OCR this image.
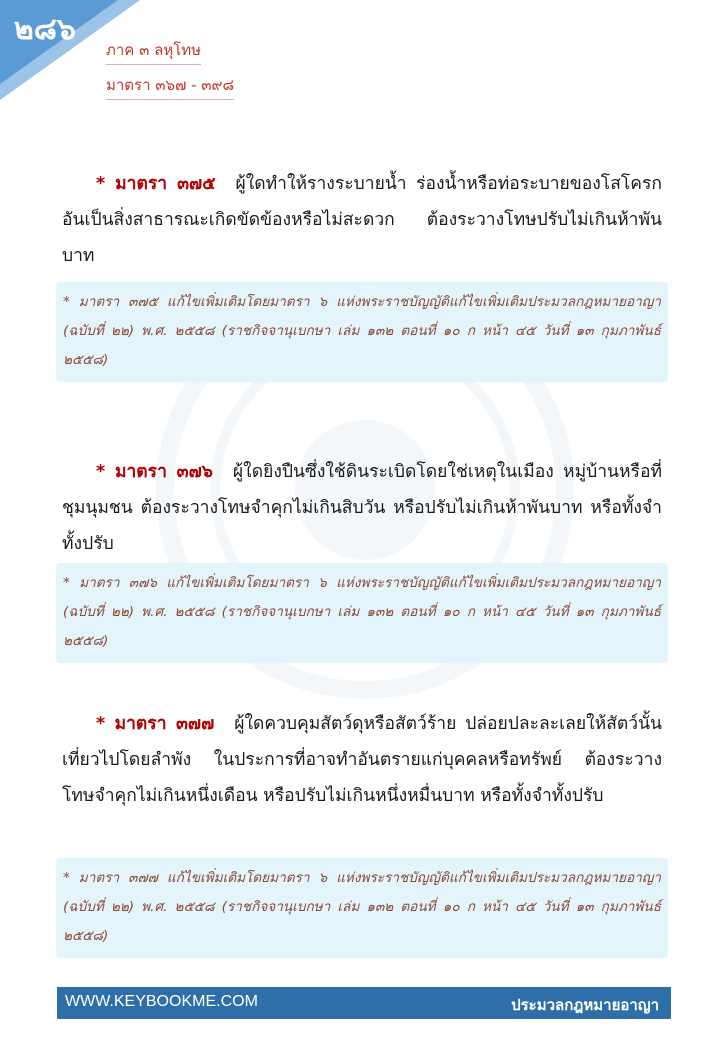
๒๘๖
ภาค ๓ ลหุโทษ
มาตรา ๓๖๗ - ๓๙๘
* มาตรา ๓๗๕ ผู้ใดทำให้รางระบายน้ำ ร่องน้ำหรือท่อระบายของโสโครก อันเป็นสิ่งสาธารณะเกิดขัดข้องหรือไม่สะดวก ต้องระวางโทษปรับไม่เกินห้าพันบาท
* มาตรา ๓๗๕ แก้ไขเพิ่มเติมโดยมาตรา ๖ แห่งพระราชบัญญัติแก้ไขเพิ่มเติมประมวลกฎหมายอาญา (ฉบับที่ ๒๒) พ.ศ. ๒๕๕๘ (ราชกิจจานุเบกษา เล่ม ๑๓๒ ตอนที่ ๑๐ ก หน้า ๔๕ วันที่ ๑๓ กุมภาพันธ์ ๒๕๕๘)
* มาตรา ๓๗๖ ผู้ใดยิงปืนซึ่งใช้ดินระเบิดโดยใช่เหตุในเมือง หมู่บ้านหรือที่ชุมนุมชน ต้องระวางโทษจำคุกไม่เกินสิบวัน หรือปรับไม่เกินห้าพันบาท หรือทั้งจำทั้งปรับ
* มาตรา ๓๗๖ แก้ไขเพิ่มเติมโดยมาตรา ๖ แห่งพระราชบัญญัติแก้ไขเพิ่มเติมประมวลกฎหมายอาญา (ฉบับที่ ๒๒) พ.ศ. ๒๕๕๘ (ราชกิจจานุเบกษา เล่ม ๑๓๒ ตอนที่ ๑๐ ก หน้า ๔๕ วันที่ ๑๓ กุมภาพันธ์ ๒๕๕๘)
* มาตรา ๓๗๗ ผู้ใดควบคุมสัตว์ดุหรือสัตว์ร้าย ปล่อยปละละเลยให้สัตว์นั้นเที่ยวไปโดยลำพัง ในประการที่อาจทำอันตรายแก่บุคคลหรือทรัพย์ ต้องระวางโทษจำคุกไม่เกินหนึ่งเดือน หรือปรับไม่เกินหนึ่งหมื่นบาท หรือทั้งจำทั้งปรับ
* มาตรา ๓๗๗ แก้ไขเพิ่มเติมโดยมาตรา ๖ แห่งพระราชบัญญัติแก้ไขเพิ่มเติมประมวลกฎหมายอาญา (ฉบับที่ ๒๒) พ.ศ. ๒๕๕๘ (ราชกิจจานุเบกษา เล่ม ๑๓๒ ตอนที่ ๑๐ ก หน้า ๔๕ วันที่ ๑๓ กุมภาพันธ์ ๒๕๕๘)
WWW.KEYBOOKME.COM	ประมวลกฎหมายอาญา
